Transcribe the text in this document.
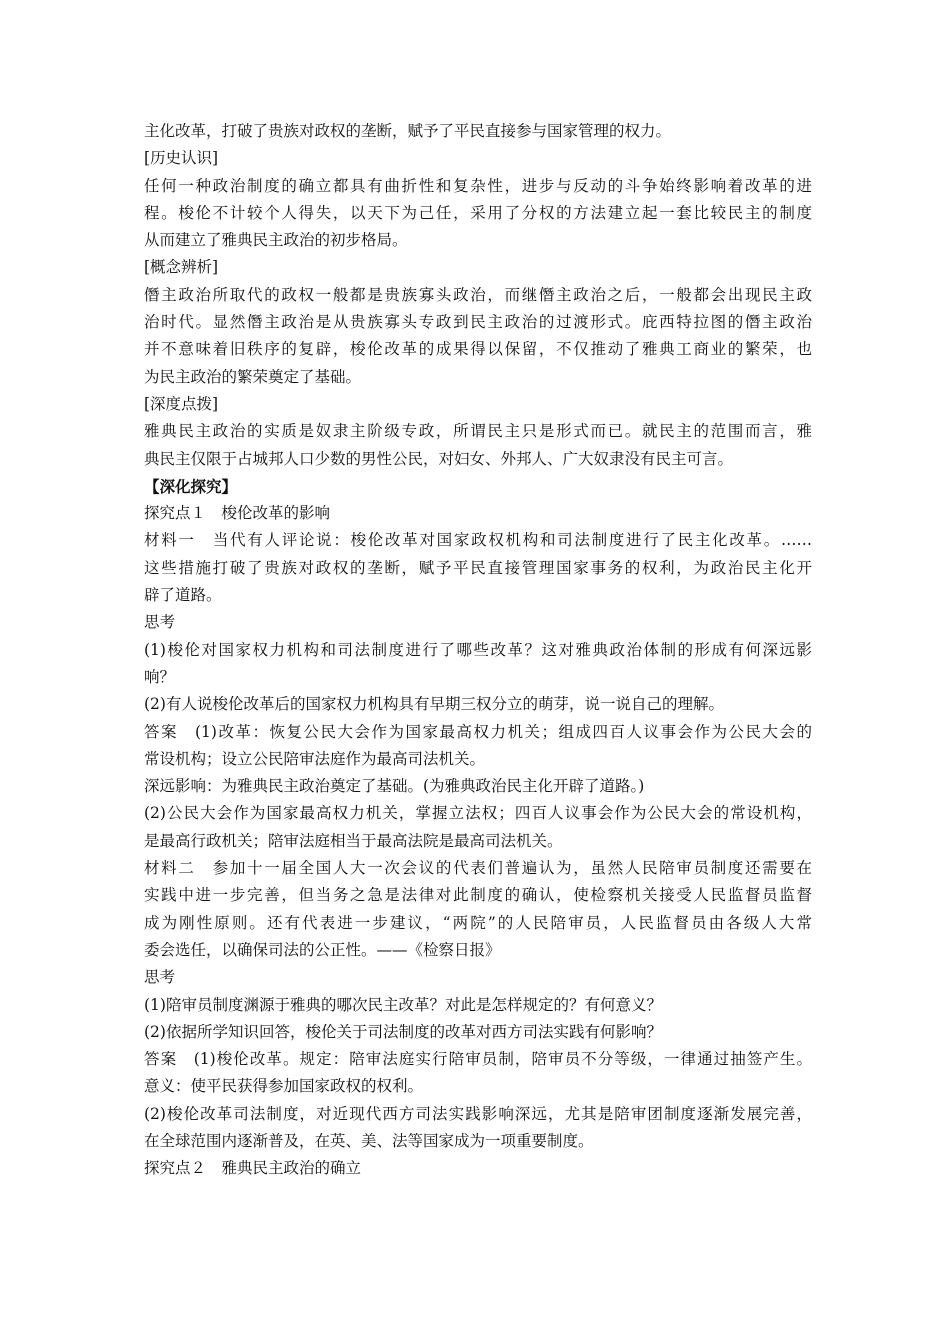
主化改革，打破了贵族对政权的垄断，赋予了平民直接参与国家管理的权力。
[历史认识]
任何一种政治制度的确立都具有曲折性和复杂性，进步与反动的斗争始终影响着改革的进
程。梭伦不计较个人得失，以天下为己任，采用了分权的方法建立起一套比较民主的制度
从而建立了雅典民主政治的初步格局。
[概念辨析]
僭主政治所取代的政权一般都是贵族寡头政治，而继僭主政治之后，一般都会出现民主政
治时代。显然僭主政治是从贵族寡头专政到民主政治的过渡形式。庇西特拉图的僭主政治
并不意味着旧秩序的复辟，梭伦改革的成果得以保留，不仅推动了雅典工商业的繁荣，也
为民主政治的繁荣奠定了基础。
[深度点拨]
雅典民主政治的实质是奴隶主阶级专政，所谓民主只是形式而已。就民主的范围而言，雅
典民主仅限于占城邦人口少数的男性公民，对妇女、外邦人、广大奴隶没有民主可言。
【深化探究】
探究点１　梭伦改革的影响
材料一　当代有人评论说：梭伦改革对国家政权机构和司法制度进行了民主化改革。……
这些措施打破了贵族对政权的垄断，赋予平民直接管理国家事务的权利，为政治民主化开
辟了道路。
思考
(1)梭伦对国家权力机构和司法制度进行了哪些改革？这对雅典政治体制的形成有何深远影
响？
(2)有人说梭伦改革后的国家权力机构具有早期三权分立的萌芽，说一说自己的理解。
答案　(1)改革：恢复公民大会作为国家最高权力机关；组成四百人议事会作为公民大会的
常设机构；设立公民陪审法庭作为最高司法机关。
深远影响：为雅典民主政治奠定了基础。(为雅典政治民主化开辟了道路。)
(2)公民大会作为国家最高权力机关，掌握立法权；四百人议事会作为公民大会的常设机构，
是最高行政机关；陪审法庭相当于最高法院是最高司法机关。
材料二　参加十一届全国人大一次会议的代表们普遍认为，虽然人民陪审员制度还需要在
实践中进一步完善，但当务之急是法律对此制度的确认，使检察机关接受人民监督员监督
成为刚性原则。还有代表进一步建议，“两院”的人民陪审员，人民监督员由各级人大常
委会选任，以确保司法的公正性。——《检察日报》
思考
(1)陪审员制度渊源于雅典的哪次民主改革？对此是怎样规定的？有何意义？
(2)依据所学知识回答，梭伦关于司法制度的改革对西方司法实践有何影响？
答案　(1)梭伦改革。规定：陪审法庭实行陪审员制，陪审员不分等级，一律通过抽签产生。
意义：使平民获得参加国家政权的权利。
(2)梭伦改革司法制度，对近现代西方司法实践影响深远，尤其是陪审团制度逐渐发展完善，
在全球范围内逐渐普及，在英、美、法等国家成为一项重要制度。
探究点２　雅典民主政治的确立
